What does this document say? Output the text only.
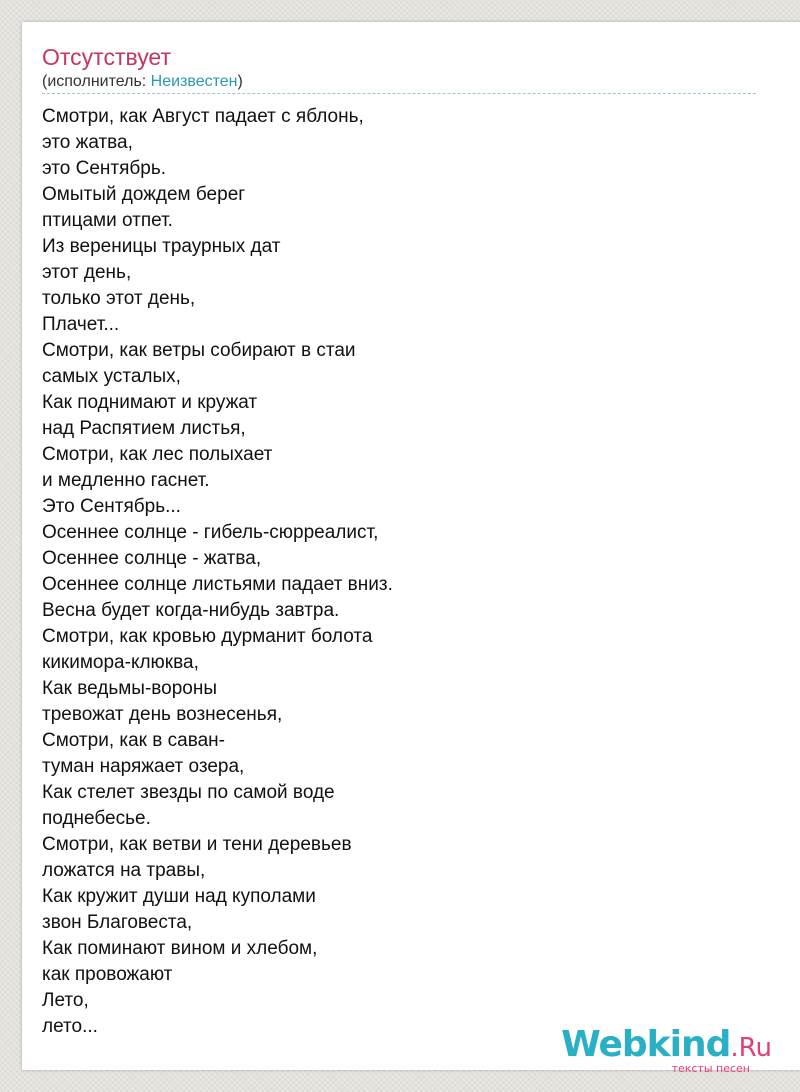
Отсутствует
(исполнитель: Неизвестен)
Смотри, как Август падает с яблонь,
это жатва,
это Сентябрь.
Омытый дождем берег
птицами отпет.
Из вереницы траурных дат
этот день,
только этот день,
Плачет...
Смотри, как ветры собирают в стаи
самых усталых,
Как поднимают и кружат
над Распятием листья,
Смотри, как лес полыхает
и медленно гаснет.
Это Сентябрь...
Осеннее солнце - гибель-сюрреалист,
Осеннее солнце - жатва,
Осеннее солнце листьями падает вниз.
Весна будет когда-нибудь завтра.
Смотри, как кровью дурманит болота
кикимора-клюква,
Как ведьмы-вороны
тревожат день вознесенья,
Смотри, как в саван-
туман наряжает озера,
Как стелет звезды по самой воде
поднебесье.
Смотри, как ветви и тени деревьев
ложатся на травы,
Как кружит души над куполами
звон Благовеста,
Как поминают вином и хлебом,
как провожают
Лето,
лето...	Webkind.Ru
тексты песен
